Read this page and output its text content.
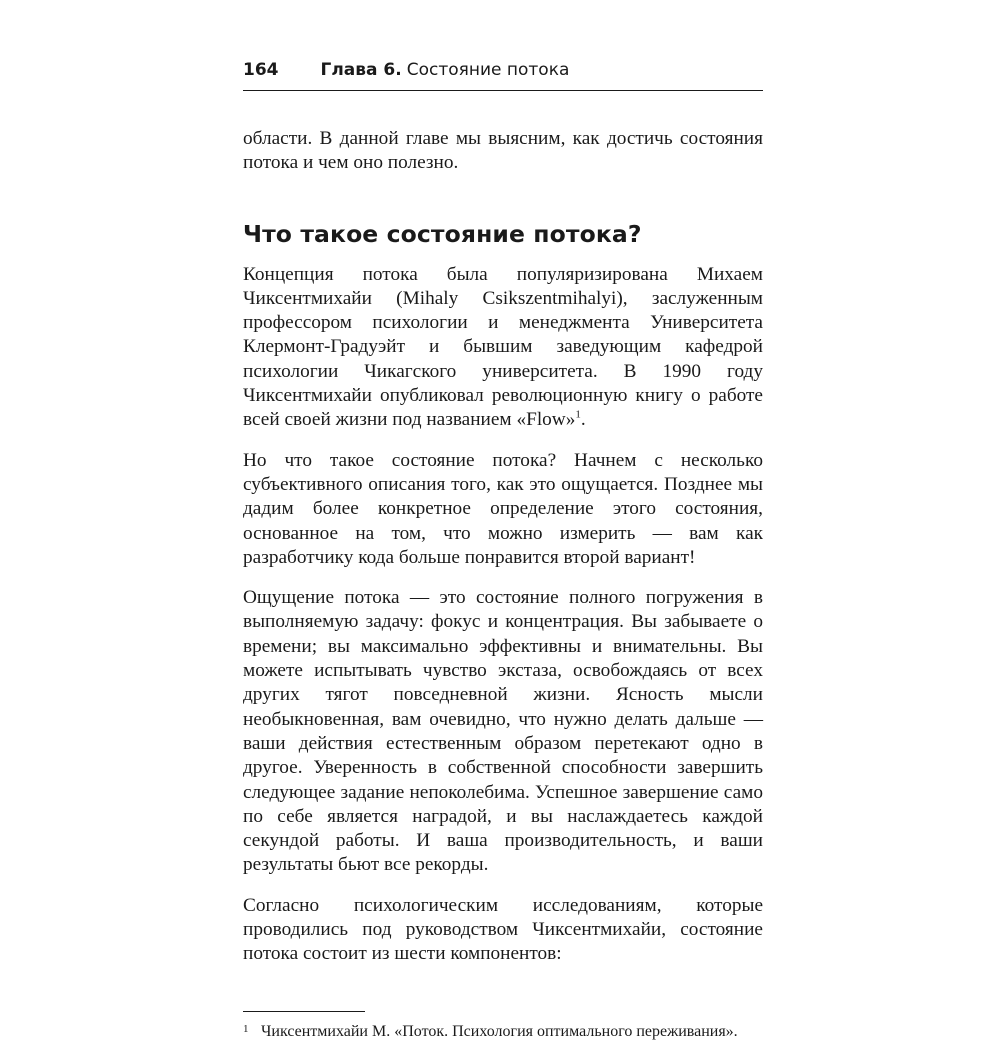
164 Глава 6. Состояние потока

области. В данной главе мы выясним, как достичь состояния потока и чем оно полезно.

Что такое состояние потока?

Концепция потока была популяризирована Михаем Чиксентмихайи (Mihaly Csikszentmihalyi), заслуженным профессором психологии и менеджмента Университета Клермонт-Градуэйт и бывшим заведующим кафедрой психологии Чикагского университета. В 1990 году Чиксентмихайи опубликовал революционную книгу о работе всей своей жизни под названием «Flow»$^1$.

Но что такое состояние потока? Начнем с несколько субъективного описания того, как это ощущается. Позднее мы дадим более конкретное определение этого состояния, основанное на том, что можно измерить — вам как разработчику кода больше понравится второй вариант!

Ощущение потока — это состояние полного погружения в выполняемую задачу: фокус и концентрация. Вы забываете о времени; вы максимально эффективны и внимательны. Вы можете испытывать чувство экстаза, освобождаясь от всех других тягот повседневной жизни. Ясность мысли необыкновенная, вам очевидно, что нужно делать дальше — ваши действия естественным образом перетекают одно в другое. Уверенность в собственной способности завершить следующее задание непоколебима. Успешное завершение само по себе является наградой, и вы наслаждаетесь каждой секундой работы. И ваша производительность, и ваши результаты бьют все рекорды.

Согласно психологическим исследованиям, которые проводились под руководством Чиксентмихайи, состояние потока состоит из шести компонентов:

1 Чиксентмихайи М. «Поток. Психология оптимального переживания».
